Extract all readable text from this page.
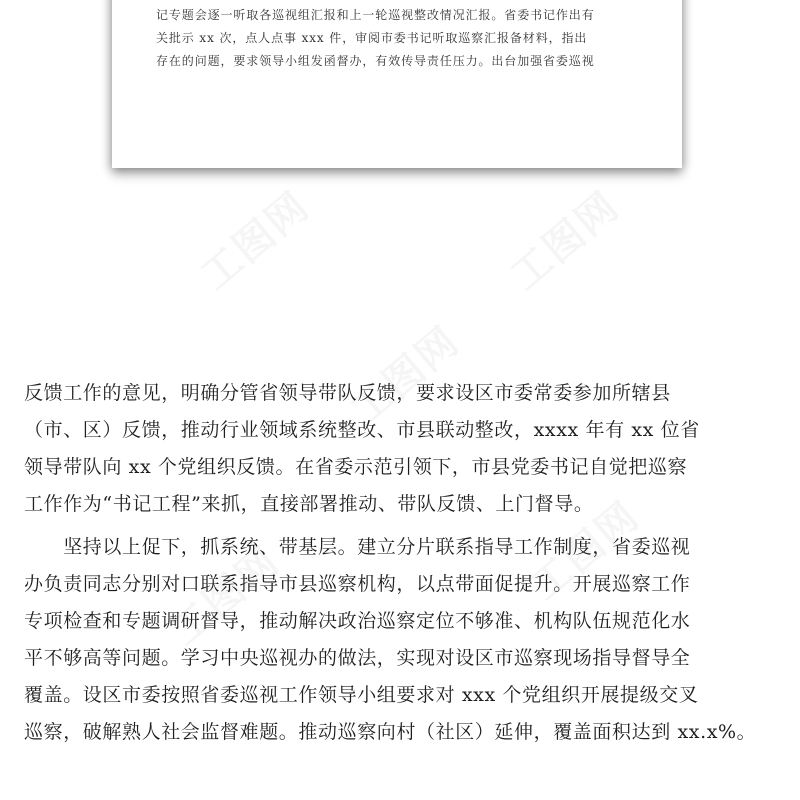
工图网	工图网
工图网
工图网	工图网
记专题会逐一听取各巡视组汇报和上一轮巡视整改情况汇报。省委书记作出有
关批示 xx 次，点人点事 xxx 件，审阅市委书记听取巡察汇报备材料，指出
存在的问题，要求领导小组发函督办，有效传导责任压力。出台加强省委巡视
反馈工作的意见，明确分管省领导带队反馈，要求设区市委常委参加所辖县
（市、区）反馈，推动行业领域系统整改、市县联动整改，xxxx 年有 xx 位省
领导带队向 xx 个党组织反馈。在省委示范引领下，市县党委书记自觉把巡察
工作作为“书记工程”来抓，直接部署推动、带队反馈、上门督导。
　　坚持以上促下，抓系统、带基层。建立分片联系指导工作制度，省委巡视
办负责同志分别对口联系指导市县巡察机构，以点带面促提升。开展巡察工作
专项检查和专题调研督导，推动解决政治巡察定位不够准、机构队伍规范化水
平不够高等问题。学习中央巡视办的做法，实现对设区市巡察现场指导督导全
覆盖。设区市委按照省委巡视工作领导小组要求对 xxx 个党组织开展提级交叉
巡察，破解熟人社会监督难题。推动巡察向村（社区）延伸，覆盖面积达到 xx.x%。
